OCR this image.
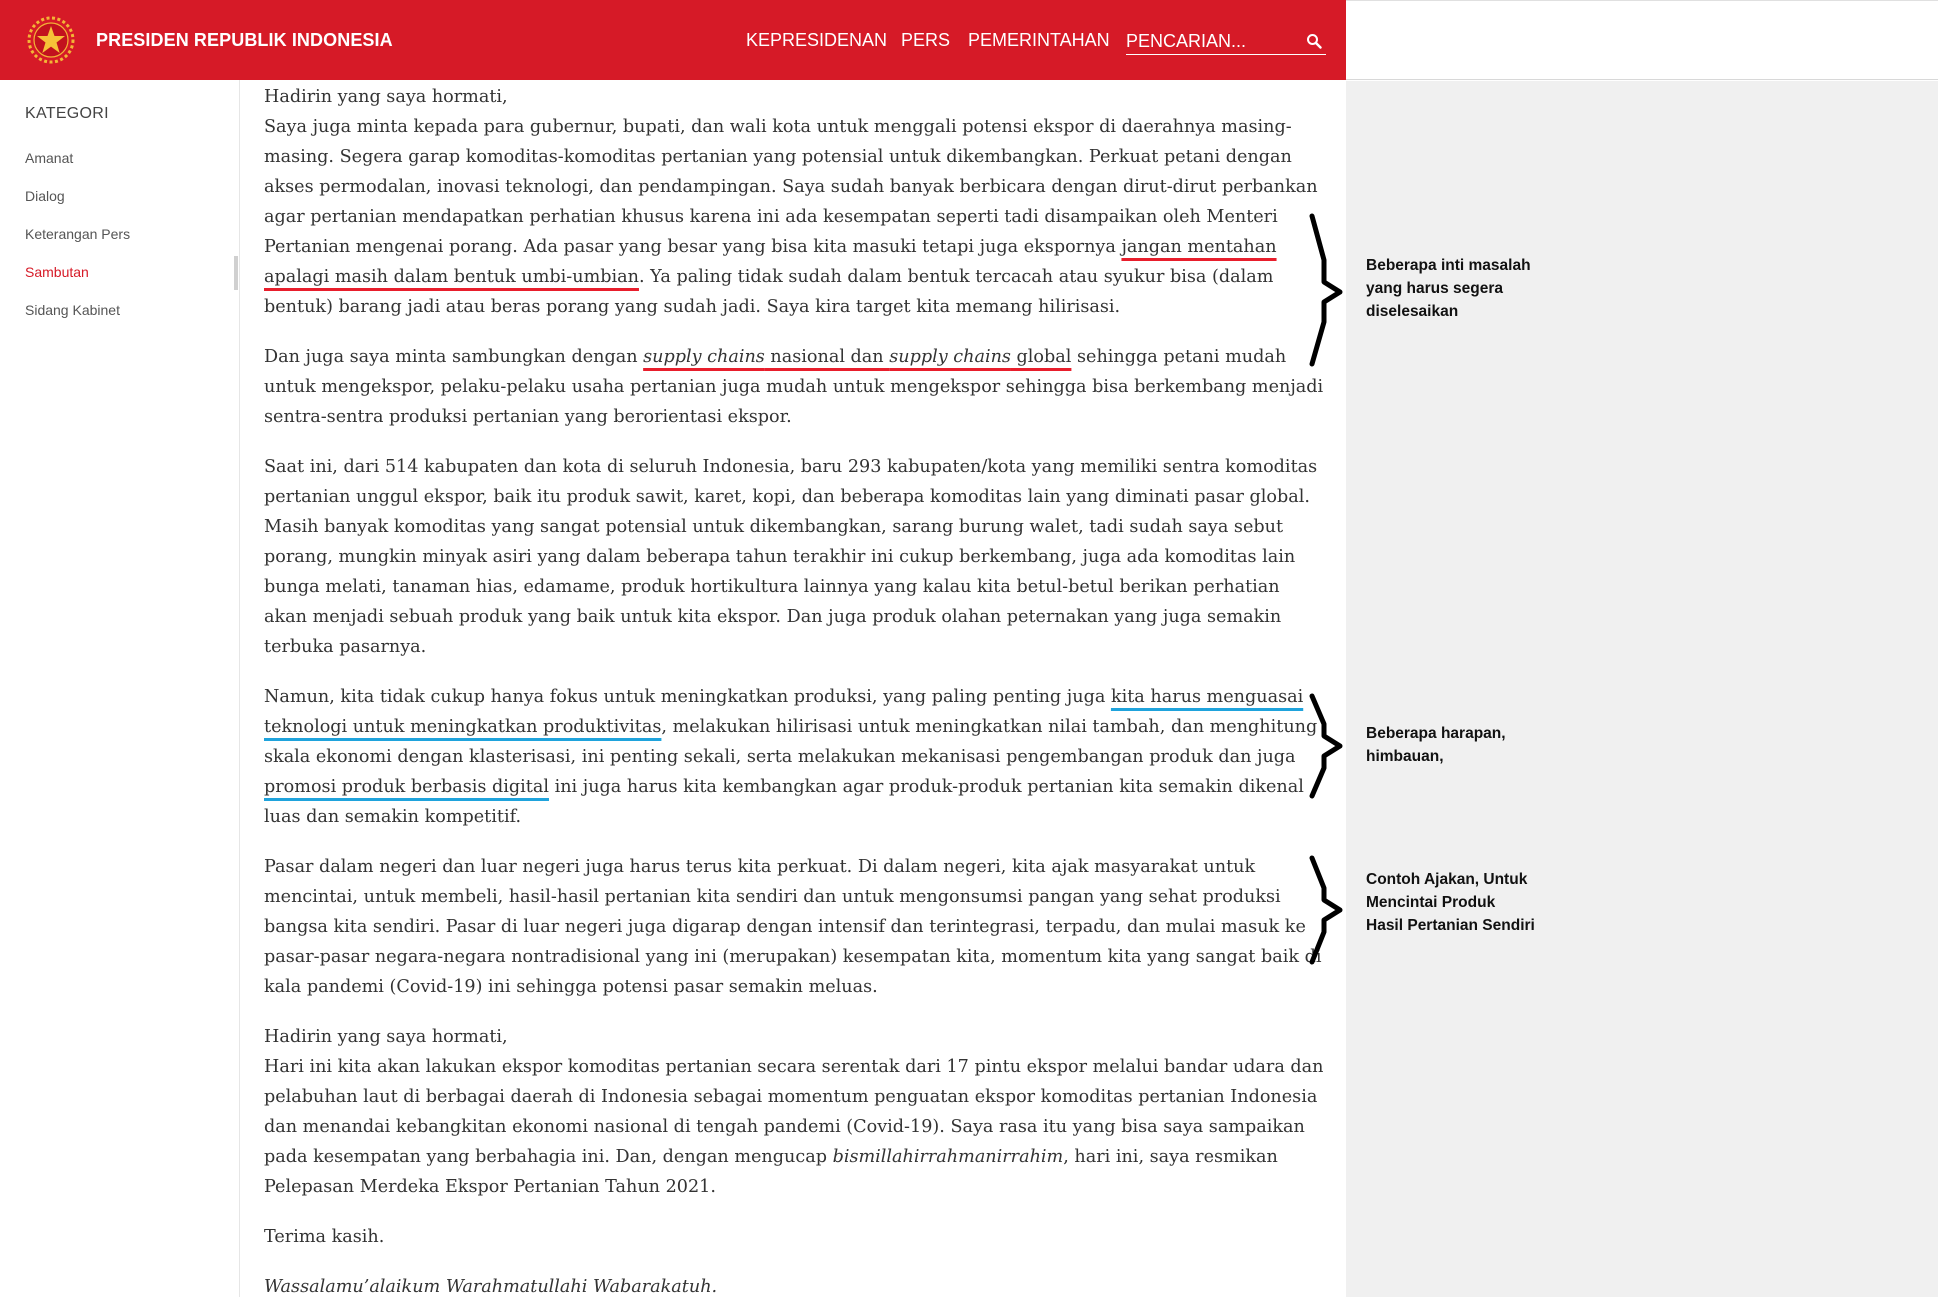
PRESIDEN REPUBLIK INDONESIA	KEPRESIDENAN PERS PEMERINTAHAN
PENCARIAN...
KATEGORI
Amanat
Dialog
Keterangan Pers
Sambutan
Sidang Kabinet

Hadirin yang saya hormati,
Saya juga minta kepada para gubernur, bupati, dan wali kota untuk menggali potensi ekspor di daerahnya masing-masing. Segera garap komoditas-komoditas pertanian yang potensial untuk dikembangkan. Perkuat petani dengan akses permodalan, inovasi teknologi, dan pendampingan. Saya sudah banyak berbicara dengan dirut-dirut perbankan agar pertanian mendapatkan perhatian khusus karena ini ada kesempatan seperti tadi disampaikan oleh Menteri Pertanian mengenai porang. Ada pasar yang besar yang bisa kita masuki tetapi juga ekspornya jangan mentahan apalagi masih dalam bentuk umbi-umbian. Ya paling tidak sudah dalam bentuk tercacah atau syukur bisa (dalam bentuk) barang jadi atau beras porang yang sudah jadi. Saya kira target kita memang hilirisasi.

Dan juga saya minta sambungkan dengan supply chains nasional dan supply chains global sehingga petani mudah untuk mengekspor, pelaku-pelaku usaha pertanian juga mudah untuk mengekspor sehingga bisa berkembang menjadi sentra-sentra produksi pertanian yang berorientasi ekspor.

Saat ini, dari 514 kabupaten dan kota di seluruh Indonesia, baru 293 kabupaten/kota yang memiliki sentra komoditas pertanian unggul ekspor, baik itu produk sawit, karet, kopi, dan beberapa komoditas lain yang diminati pasar global. Masih banyak komoditas yang sangat potensial untuk dikembangkan, sarang burung walet, tadi sudah saya sebut porang, mungkin minyak asiri yang dalam beberapa tahun terakhir ini cukup berkembang, juga ada komoditas lain bunga melati, tanaman hias, edamame, produk hortikultura lainnya yang kalau kita betul-betul berikan perhatian akan menjadi sebuah produk yang baik untuk kita ekspor. Dan juga produk olahan peternakan yang juga semakin terbuka pasarnya.

Namun, kita tidak cukup hanya fokus untuk meningkatkan produksi, yang paling penting juga kita harus menguasai teknologi untuk meningkatkan produktivitas, melakukan hilirisasi untuk meningkatkan nilai tambah, dan menghitung skala ekonomi dengan klasterisasi, ini penting sekali, serta melakukan mekanisasi pengembangan produk dan juga promosi produk berbasis digital ini juga harus kita kembangkan agar produk-produk pertanian kita semakin dikenal luas dan semakin kompetitif.

Pasar dalam negeri dan luar negeri juga harus terus kita perkuat. Di dalam negeri, kita ajak masyarakat untuk mencintai, untuk membeli, hasil-hasil pertanian kita sendiri dan untuk mengonsumsi pangan yang sehat produksi bangsa kita sendiri. Pasar di luar negeri juga digarap dengan intensif dan terintegrasi, terpadu, dan mulai masuk ke pasar-pasar negara-negara nontradisional yang ini (merupakan) kesempatan kita, momentum kita yang sangat baik di kala pandemi (Covid-19) ini sehingga potensi pasar semakin meluas.

Hadirin yang saya hormati,
Hari ini kita akan lakukan ekspor komoditas pertanian secara serentak dari 17 pintu ekspor melalui bandar udara dan pelabuhan laut di berbagai daerah di Indonesia sebagai momentum penguatan ekspor komoditas pertanian Indonesia dan menandai kebangkitan ekonomi nasional di tengah pandemi (Covid-19). Saya rasa itu yang bisa saya sampaikan pada kesempatan yang berbahagia ini. Dan, dengan mengucap bismillahirrahmanirrahim, hari ini, saya resmikan Pelepasan Merdeka Ekspor Pertanian Tahun 2021.

Terima kasih.

Wassalamu’alaikum Warahmatullahi Wabarakatuh.

Beberapa inti masalah
yang harus segera
diselesaikan
Beberapa harapan,
himbauan,
Contoh Ajakan, Untuk
Mencintai Produk
Hasil Pertanian Sendiri
